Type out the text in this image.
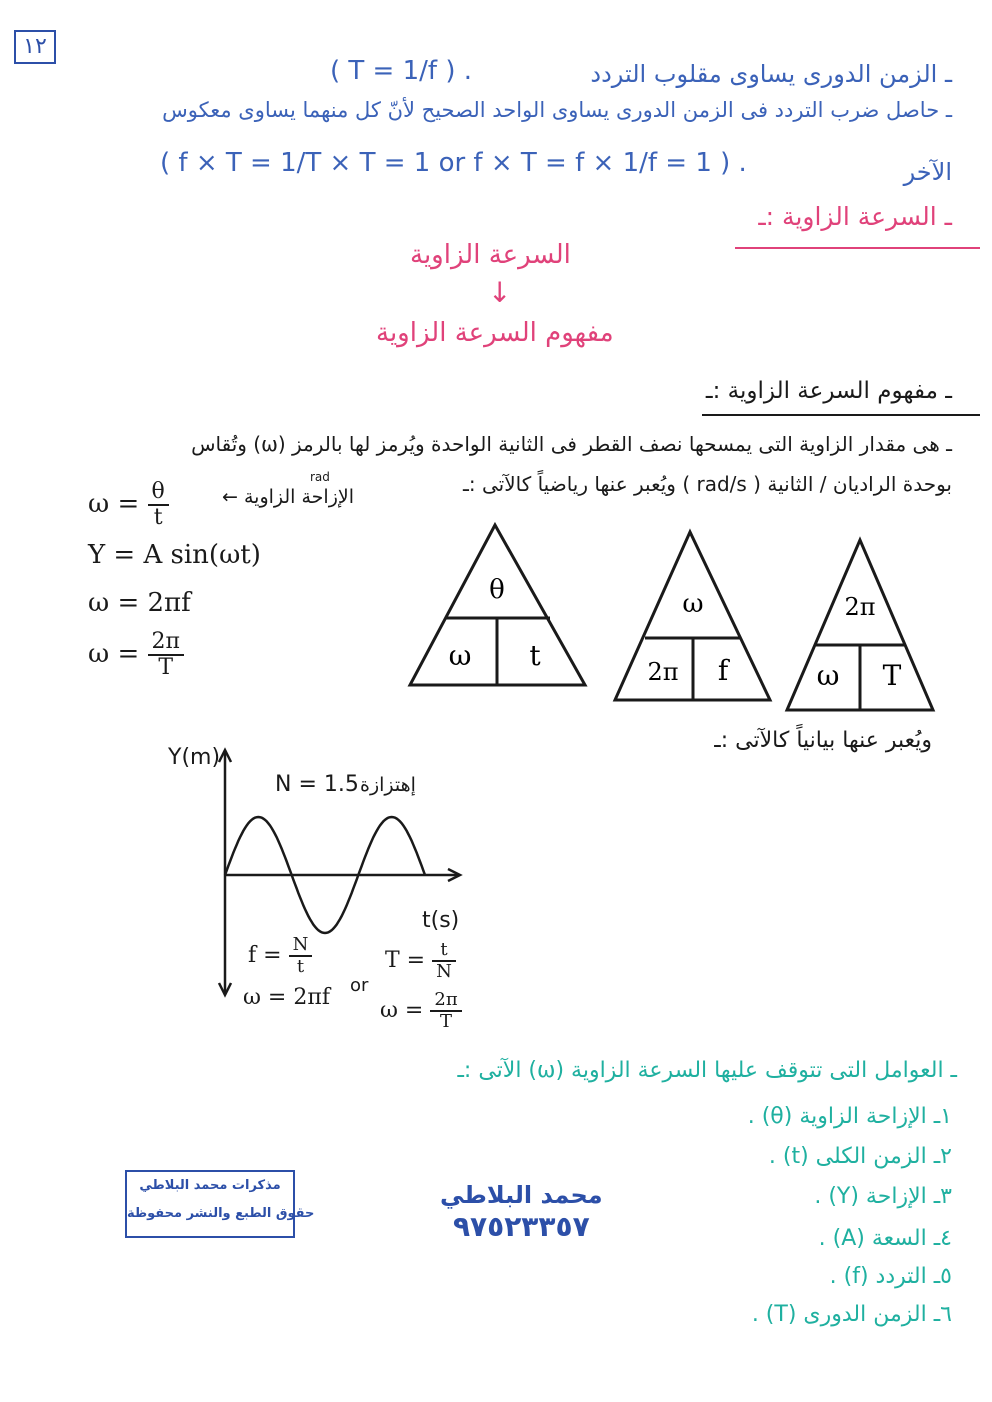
١٢
ـ الزمن الدورى يساوى مقلوب التردد
( T = 1/f ) .
ـ حاصل ضرب التردد فى الزمن الدورى يساوى الواحد الصحيح لأنّ كل منهما يساوى معكوس
الآخر
( f × T = 1/T × T = 1 or f × T = f × 1/f = 1 ) .
ـ السرعة الزاوية :ـ
السرعة الزاوية
↓
مفهوم السرعة الزاوية
ـ مفهوم السرعة الزاوية :ـ
ـ هى مقدار الزاوية التى يمسحها نصف القطر فى الثانية الواحدة ويُرمز لها بالرمز (ω) وتُقاس
بوحدة الراديان / الثانية ( rad/s ) ويُعبر عنها رياضياً كالآتى :ـ
rad
$\omega = \frac{\theta}{t}$	← الإزاحة الزاوية
Y = A sin(ωt)
ω = 2πf
$\omega = \frac{2\pi}{T}$
θ
ω t
ω
2π f
2π
ω T
ويُعبر عنها بيانياً كالآتى :ـ
Y(m)
t(s)
N = 1.5 إهتزازة
$f = \frac{N}{t}$
or
$T = \frac{t}{N}$
ω = 2πf
$\omega = \frac{2\pi}{T}$
ـ العوامل التى تتوقف عليها السرعة الزاوية (ω) الآتى :ـ
١ـ الإزاحة الزاوية (θ) .
٢ـ الزمن الكلى (t) .
٣ـ الإزاحة (Y) .
٤ـ السعة (A) .
٥ـ التردد (f) .
٦ـ الزمن الدورى (T) .
مذكرات محمد البلاطي
حقوق الطبع والنشر محفوظة
محمد البلاطي
٩٧٥٢٣٣٥٧
